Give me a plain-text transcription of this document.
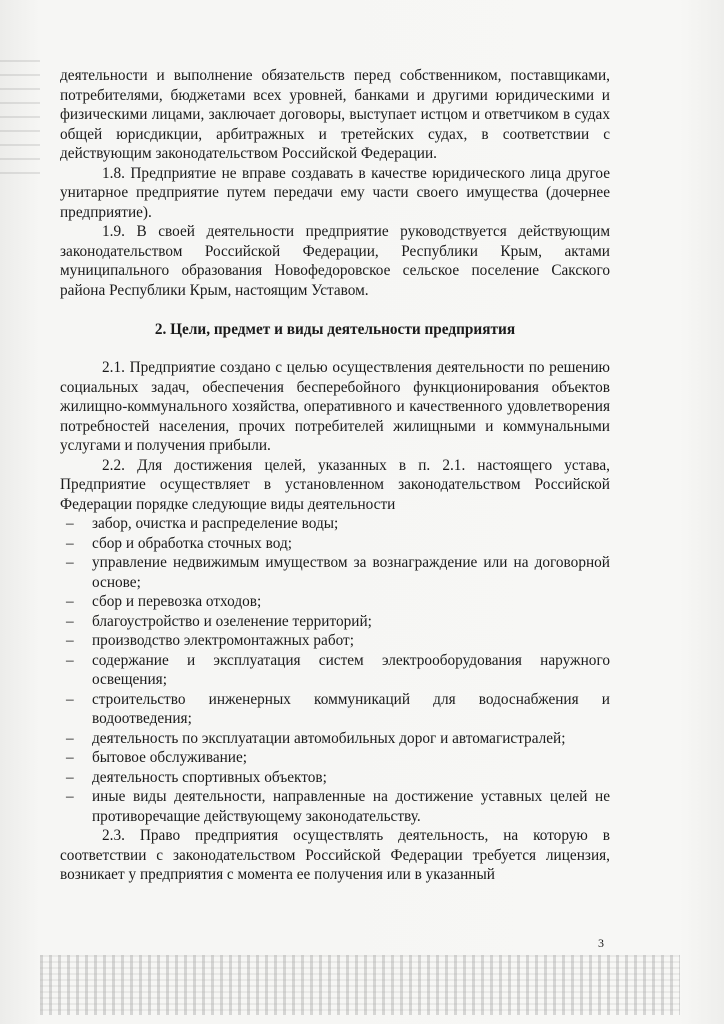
деятельности и выполнение обязательств перед собственником, поставщиками, потребителями, бюджетами всех уровней, банками и другими юридическими и физическими лицами, заключает договоры, выступает истцом и ответчиком в судах общей юрисдикции, арбитражных и третейских судах, в соответствии с действующим законодательством Российской Федерации.

1.8. Предприятие не вправе создавать в качестве юридического лица другое унитарное предприятие путем передачи ему части своего имущества (дочернее предприятие).

1.9. В своей деятельности предприятие руководствуется действующим законодательством Российской Федерации, Республики Крым, актами муниципального образования Новофедоровское сельское поселение Сакского района Республики Крым, настоящим Уставом.

2. Цели, предмет и виды деятельности предприятия

2.1. Предприятие создано с целью осуществления деятельности по решению социальных задач, обеспечения бесперебойного функционирования объектов жилищно-коммунального хозяйства, оперативного и качественного удовлетворения потребностей населения, прочих потребителей жилищными и коммунальными услугами и получения прибыли.

2.2. Для достижения целей, указанных в п. 2.1. настоящего устава, Предприятие осуществляет в установленном законодательством Российской Федерации порядке следующие виды деятельности

– забор, очистка и распределение воды;
– сбор и обработка сточных вод;
– управление недвижимым имуществом за вознаграждение или на договорной основе;
– сбор и перевозка отходов;
– благоустройство и озеленение территорий;
– производство электромонтажных работ;
– содержание и эксплуатация систем электрооборудования наружного освещения;
– строительство инженерных коммуникаций для водоснабжения и водоотведения;
– деятельность по эксплуатации автомобильных дорог и автомагистралей;
– бытовое обслуживание;
– деятельность спортивных объектов;
– иные виды деятельности, направленные на достижение уставных целей не противоречащие действующему законодательству.

2.3. Право предприятия осуществлять деятельность, на которую в соответствии с законодательством Российской Федерации требуется лицензия, возникает у предприятия с момента ее получения или в указанный

3
